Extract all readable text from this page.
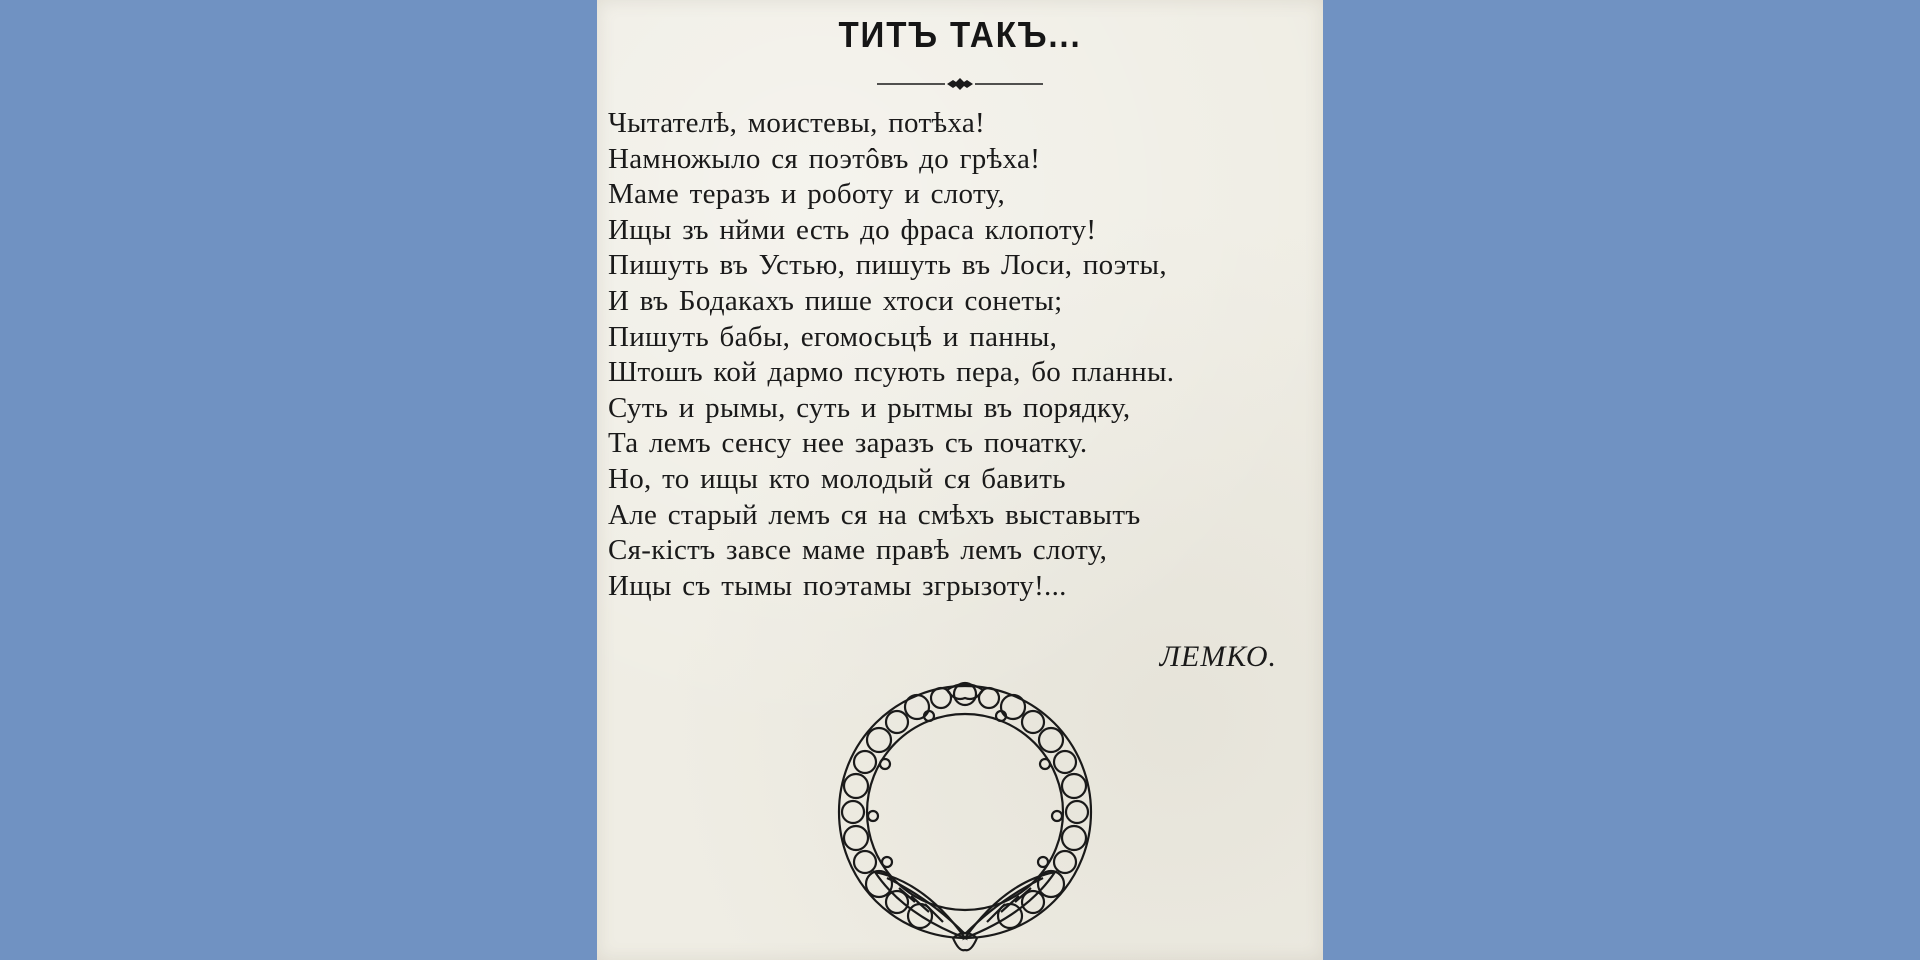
ТИТЪ ТАКЪ...
Чытателѣ, моистевы, потѣха!
Намножыло ся поэтôвъ до грѣха!
Маме теразъ и роботу и слоту,
Ищы зъ нйми есть до фраса клопоту!
Пишуть въ Устью, пишуть въ Лоси, поэты,
И въ Бодакахъ пише хтоси сонеты;
Пишуть бабы, егомосьцѣ и панны,
Штошъ кой дармо псують пера, бо планны.
Суть и рымы, суть и рытмы въ порядку,
Та лемъ сенсу нее заразъ съ початку.
Но, то ищы кто молодый ся бавить
Але старый лемъ ся на смѣхъ выставытъ
Ся-кістъ завсе маме правѣ лемъ слоту,
Ищы съ тымы поэтамы згрызоту!...
ЛЕМКО.
